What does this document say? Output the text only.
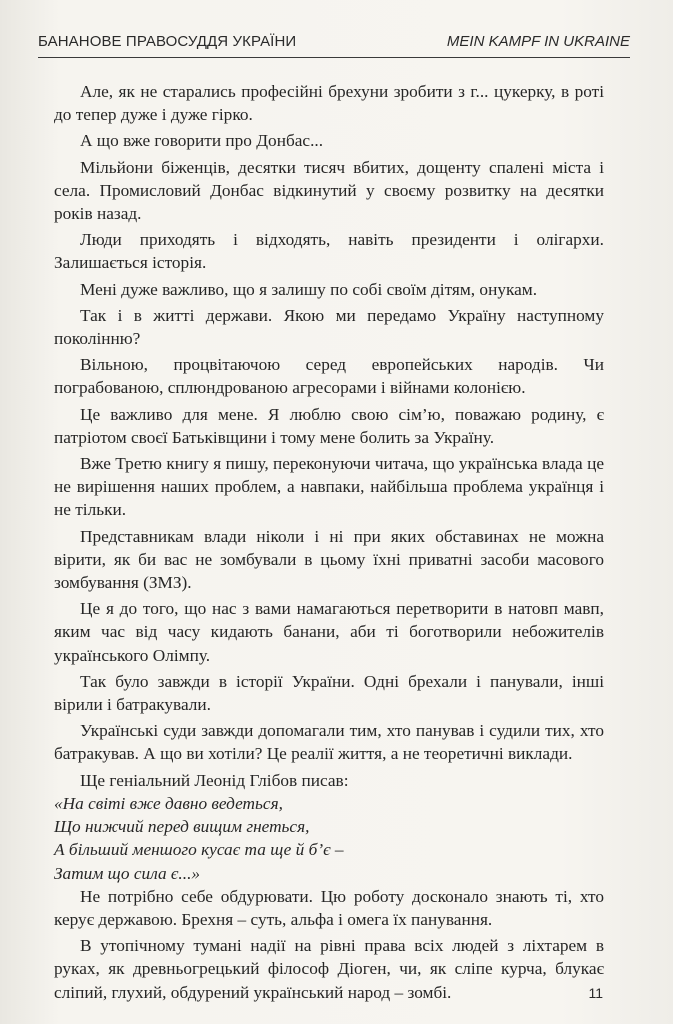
БАНАНОВЕ ПРАВОСУДДЯ УКРАЇНИ	MEIN KAMPF IN UKRAINE

Але, як не старались професійні брехуни зробити з г... цукерку, в роті до тепер дуже і дуже гірко.

А що вже говорити про Донбас...

Мільйони біженців, десятки тисяч вбитих, дощенту спалені міста і села. Промисловий Донбас відкинутий у своєму розвитку на десятки років назад.

Люди приходять і відходять, навіть президенти і олігархи. Залишається історія.

Мені дуже важливо, що я залишу по собі своїм дітям, онукам.

Так і в житті держави. Якою ми передамо Україну наступному поколінню?

Вільною, процвітаючою серед европейських народів. Чи пограбованою, сплюндрованою агресорами і війнами колонією.

Це важливо для мене. Я люблю свою сім’ю, поважаю родину, є патріотом своєї Батьківщини і тому мене болить за Україну.

Вже Третю книгу я пишу, переконуючи читача, що українська влада це не вирішення наших проблем, а навпаки, найбільша проблема українця і не тільки.

Представникам влади ніколи і ні при яких обставинах не можна вірити, як би вас не зомбували в цьому їхні приватні засоби масового зомбування (ЗМЗ).

Це я до того, що нас з вами намагаються перетворити в натовп мавп, яким час від часу кидають банани, аби ті боготворили небожителів українського Олімпу.

Так було завжди в історії України. Одні брехали і панували, інші вірили і батракували.

Українські суди завжди допомагали тим, хто панував і судили тих, хто батракував. А що ви хотіли? Це реалії життя, а не теоретичні виклади.

Ще геніальний Леонід Глібов писав:

«На світі вже давно ведеться,
Що нижчий перед вищим гнеться,
А більший меншого кусає та ще й б’є –
Затим що сила є...»

Не потрібно себе обдурювати. Цю роботу досконало знають ті, хто керує державою. Брехня – суть, альфа і омега їх панування.

В утопічному тумані надії на рівні права всіх людей з ліхтарем в руках, як древньогрецький філософ Діоген, чи, як сліпе курча, блукає сліпий, глухий, обдурений український народ – зомбі.	11
